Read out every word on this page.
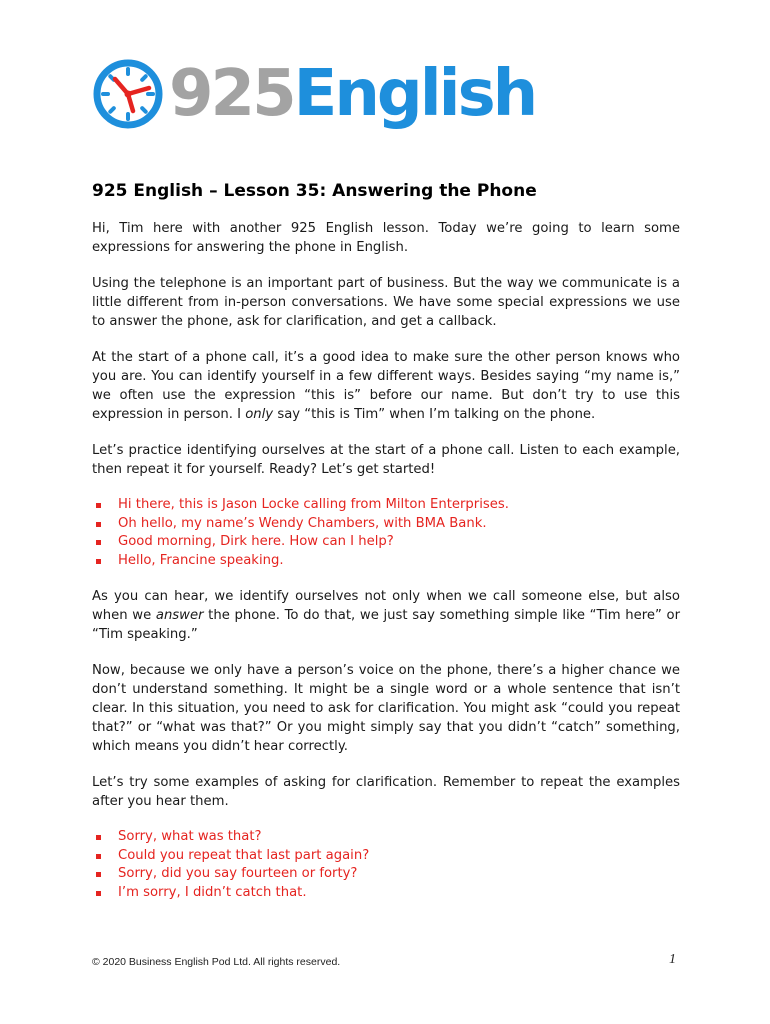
925English
925 English – Lesson 35: Answering the Phone

Hi, Tim here with another 925 English lesson. Today we’re going to learn some expressions for answering the phone in English.

Using the telephone is an important part of business. But the way we communicate is a little different from in-person conversations. We have some special expressions we use to answer the phone, ask for clarification, and get a callback.

At the start of a phone call, it’s a good idea to make sure the other person knows who you are. You can identify yourself in a few different ways. Besides saying “my name is,” we often use the expression “this is” before our name. But don’t try to use this expression in person. I only say “this is Tim” when I’m talking on the phone.

Let’s practice identifying ourselves at the start of a phone call. Listen to each example, then repeat it for yourself. Ready? Let’s get started!

Hi there, this is Jason Locke calling from Milton Enterprises.
Oh hello, my name’s Wendy Chambers, with BMA Bank.
Good morning, Dirk here. How can I help?
Hello, Francine speaking.

As you can hear, we identify ourselves not only when we call someone else, but also when we answer the phone. To do that, we just say something simple like “Tim here” or “Tim speaking.”

Now, because we only have a person’s voice on the phone, there’s a higher chance we don’t understand something. It might be a single word or a whole sentence that isn’t clear. In this situation, you need to ask for clarification. You might ask “could you repeat that?” or “what was that?” Or you might simply say that you didn’t “catch” something, which means you didn’t hear correctly.

Let’s try some examples of asking for clarification. Remember to repeat the examples after you hear them.

Sorry, what was that?
Could you repeat that last part again?
Sorry, did you say fourteen or forty?
I’m sorry, I didn’t catch that.
© 2020 Business English Pod Ltd. All rights reserved.	1
